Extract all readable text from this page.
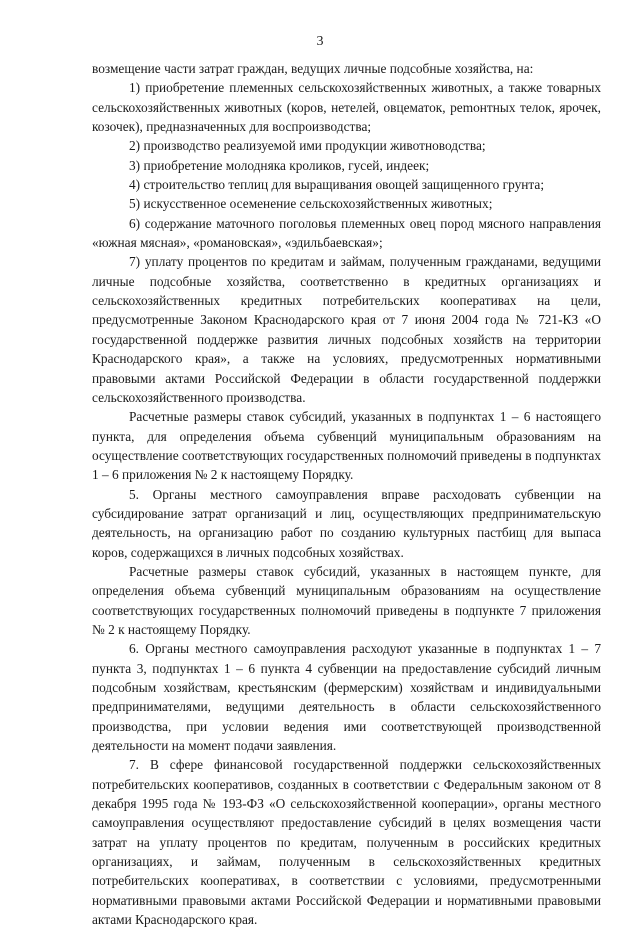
3

возмещение части затрат граждан, ведущих личные подсобные хозяйства, на:

1) приобретение племенных сельскохозяйственных животных, а также товарных сельскохозяйственных животных (коров, нетелей, овцематок, реmонтных телок, ярочек, козочек), предназначенных для воспроизводства;

2) производство реализуемой ими продукции животноводства;

3) приобретение молодняка кроликов, гусей, индеек;

4) строительство теплиц для выращивания овощей защищенного грунта;

5) искусственное осеменение сельскохозяйственных животных;

6) содержание маточного поголовья племенных овец пород мясного направления «южная мясная», «романовская», «эдильбаевская»;

7) уплату процентов по кредитам и займам, полученным гражданами, ведущими личные подсобные хозяйства, соответственно в кредитных организациях и сельскохозяйственных кредитных потребительских кооперативах на цели, предусмотренные Законом Краснодарского края от 7 июня 2004 года № 721-КЗ «О государственной поддержке развития личных подсобных хозяйств на территории Краснодарского края», а также на условиях, предусмотренных нормативными правовыми актами Российской Федерации в области государственной поддержки сельскохозяйственного производства.

Расчетные размеры ставок субсидий, указанных в подпунктах 1 – 6 настоящего пункта, для определения объема субвенций муниципальным образованиям на осуществление соответствующих государственных полномочий приведены в подпунктах 1 – 6 приложения № 2 к настоящему Порядку.

5. Органы местного самоуправления вправе расходовать субвенции на субсидирование затрат организаций и лиц, осуществляющих предпринимательскую деятельность, на организацию работ по созданию культурных пастбищ для выпаса коров, содержащихся в личных подсобных хозяйствах.

Расчетные размеры ставок субсидий, указанных в настоящем пункте, для определения объема субвенций муниципальным образованиям на осуществление соответствующих государственных полномочий приведены в подпункте 7 приложения № 2 к настоящему Порядку.

6. Органы местного самоуправления расходуют указанные в подпунктах 1 – 7 пункта 3, подпунктах 1 – 6 пункта 4 субвенции на предоставление субсидий личным подсобным хозяйствам, крестьянским (фермерским) хозяйствам и индивидуальными предпринимателями, ведущими деятельность в области сельскохозяйственного производства, при условии ведения ими соответствующей производственной деятельности на момент подачи заявления.

7. В сфере финансовой государственной поддержки сельскохозяйственных потребительских кооперативов, созданных в соответствии с Федеральным законом от 8 декабря 1995 года № 193-ФЗ «О сельскохозяйственной кооперации», органы местного самоуправления осуществляют предоставление субсидий в целях возмещения части затрат на уплату процентов по кредитам, полученным в российских кредитных организациях, и займам, полученным в сельскохозяйственных кредитных потребительских кооперативах, в соответствии с условиями, предусмотренными нормативными правовыми актами Российской Федерации и нормативными правовыми актами Краснодарского края.
